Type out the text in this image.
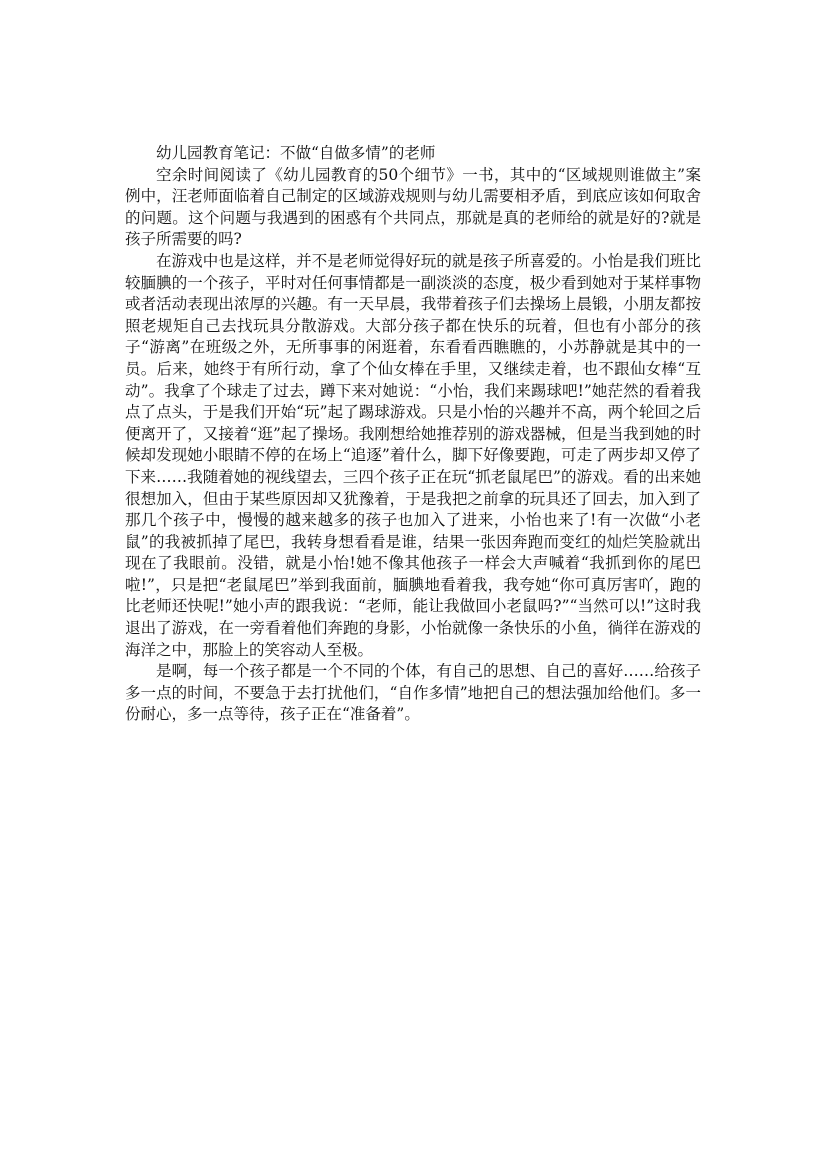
幼儿园教育笔记：不做“自做多情”的老师

空余时间阅读了《幼儿园教育的50个细节》一书，其中的“区域规则谁做主”案例中，汪老师面临着自己制定的区域游戏规则与幼儿需要相矛盾，到底应该如何取舍的问题。这个问题与我遇到的困惑有个共同点，那就是真的老师给的就是好的?就是孩子所需要的吗?

在游戏中也是这样，并不是老师觉得好玩的就是孩子所喜爱的。小怡是我们班比较腼腆的一个孩子，平时对任何事情都是一副淡淡的态度，极少看到她对于某样事物或者活动表现出浓厚的兴趣。有一天早晨，我带着孩子们去操场上晨锻，小朋友都按照老规矩自己去找玩具分散游戏。大部分孩子都在快乐的玩着，但也有小部分的孩子“游离”在班级之外，无所事事的闲逛着，东看看西瞧瞧的，小苏静就是其中的一员。后来，她终于有所行动，拿了个仙女棒在手里，又继续走着，也不跟仙女棒“互动”。我拿了个球走了过去，蹲下来对她说：“小怡，我们来踢球吧!”她茫然的看着我点了点头，于是我们开始“玩”起了踢球游戏。只是小怡的兴趣并不高，两个轮回之后便离开了，又接着“逛”起了操场。我刚想给她推荐别的游戏器械，但是当我到她的时候却发现她小眼睛不停的在场上“追逐”着什么，脚下好像要跑，可走了两步却又停了下来……我随着她的视线望去，三四个孩子正在玩“抓老鼠尾巴”的游戏。看的出来她很想加入，但由于某些原因却又犹豫着，于是我把之前拿的玩具还了回去，加入到了那几个孩子中，慢慢的越来越多的孩子也加入了进来，小怡也来了!有一次做“小老鼠”的我被抓掉了尾巴，我转身想看看是谁，结果一张因奔跑而变红的灿烂笑脸就出现在了我眼前。没错，就是小怡!她不像其他孩子一样会大声喊着“我抓到你的尾巴啦!”，只是把“老鼠尾巴”举到我面前，腼腆地看着我，我夸她“你可真厉害吖，跑的比老师还快呢!”她小声的跟我说：“老师，能让我做回小老鼠吗?”“当然可以!”这时我退出了游戏，在一旁看着他们奔跑的身影，小怡就像一条快乐的小鱼，徜徉在游戏的海洋之中，那脸上的笑容动人至极。

是啊，每一个孩子都是一个不同的个体，有自己的思想、自己的喜好……给孩子多一点的时间，不要急于去打扰他们，“自作多情”地把自己的想法强加给他们。多一份耐心，多一点等待，孩子正在“准备着”。
